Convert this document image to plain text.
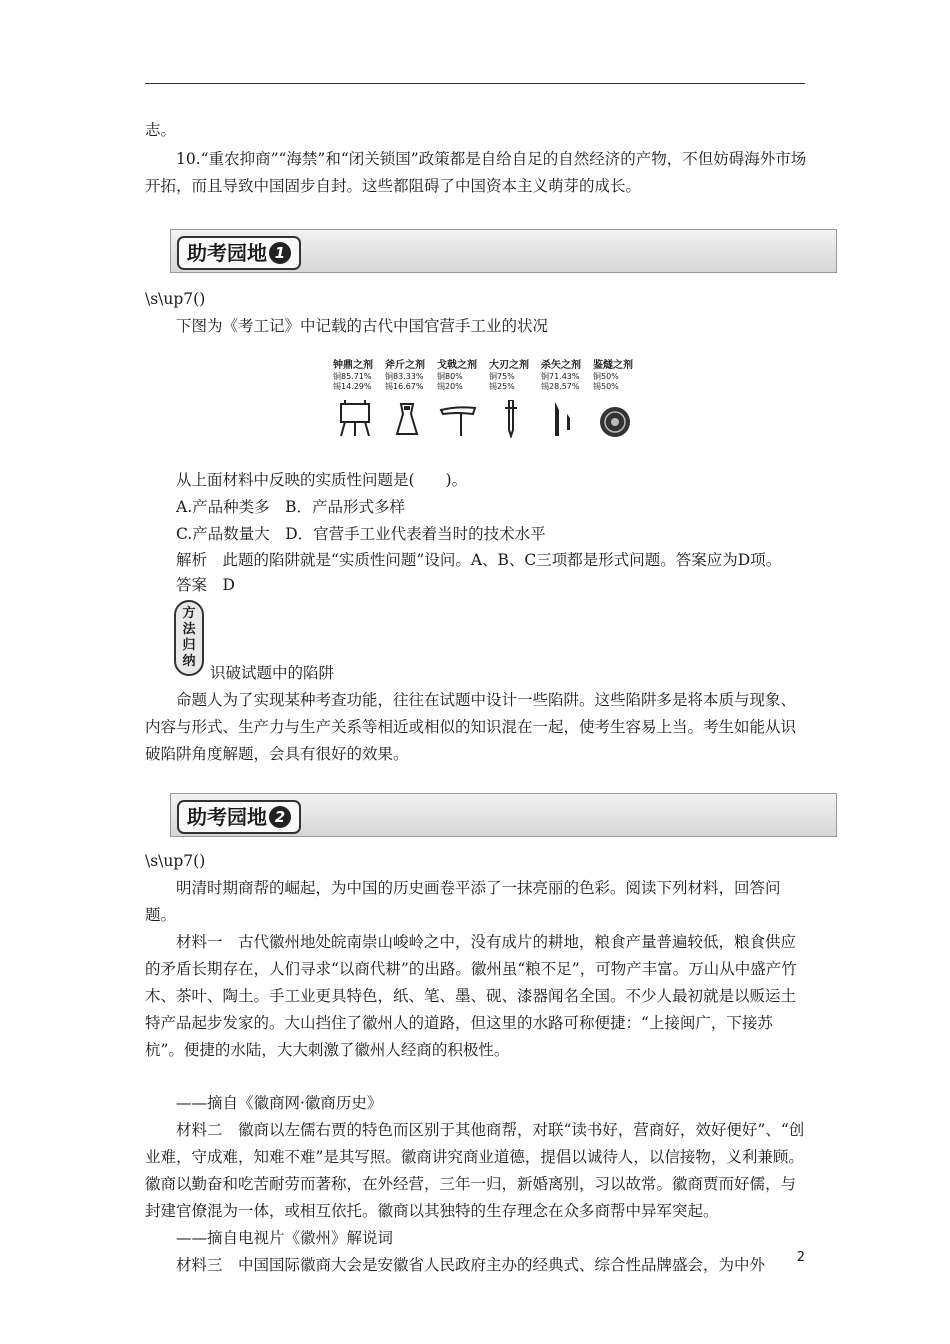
志。

10.“重农抑商”“海禁”和“闭关锁国”政策都是自给自足的自然经济的产物，不但妨碍海外市场开拓，而且导致中国固步自封。这些都阻碍了中国资本主义萌芽的成长。

助考园地 1

\s\up7()

下图为《考工记》中记载的古代中国官营手工业的状况

钟鼎之剂
铜85.71%
锡14.29%
斧斤之剂
铜83.33%
锡16.67%
戈戟之剂
铜80%
锡20%
大刃之剂
铜75%
锡25%
杀矢之剂
铜71.43%
锡28.57%
鉴燧之剂
铜50%
锡50%

从上面材料中反映的实质性问题是(　　)。

A.产品种类多　B．产品形式多样

C.产品数量大　D．官营手工业代表着当时的技术水平

解析　此题的陷阱就是“实质性问题”设问。A、B、C三项都是形式问题。答案应为D项。

答案　D

方
法
归
纳

识破试题中的陷阱

命题人为了实现某种考查功能，往往在试题中设计一些陷阱。这些陷阱多是将本质与现象、内容与形式、生产力与生产关系等相近或相似的知识混在一起，使考生容易上当。考生如能从识破陷阱角度解题，会具有很好的效果。

助考园地 2

\s\up7()

明清时期商帮的崛起，为中国的历史画卷平添了一抹亮丽的色彩。阅读下列材料，回答问题。

材料一　古代徽州地处皖南崇山峻岭之中，没有成片的耕地，粮食产量普遍较低，粮食供应的矛盾长期存在，人们寻求“以商代耕”的出路。徽州虽“粮不足”，可物产丰富。万山从中盛产竹木、茶叶、陶土。手工业更具特色，纸、笔、墨、砚、漆器闻名全国。不少人最初就是以贩运土特产品起步发家的。大山挡住了徽州人的道路，但这里的水路可称便捷：“上接闽广，下接苏杭”。便捷的水陆，大大刺激了徽州人经商的积极性。

——摘自《徽商网·徽商历史》

材料二　徽商以左儒右贾的特色而区别于其他商帮，对联“读书好，营商好，效好便好”、“创业难，守成难，知难不难”是其写照。徽商讲究商业道德，提倡以诚待人，以信接物，义利兼顾。徽商以勤奋和吃苦耐劳而著称，在外经营，三年一归，新婚离别，习以故常。徽商贾而好儒，与封建官僚混为一体，或相互依托。徽商以其独特的生存理念在众多商帮中异军突起。

——摘自电视片《徽州》解说词

材料三　中国国际徽商大会是安徽省人民政府主办的经典式、综合性品牌盛会，为中外	2
